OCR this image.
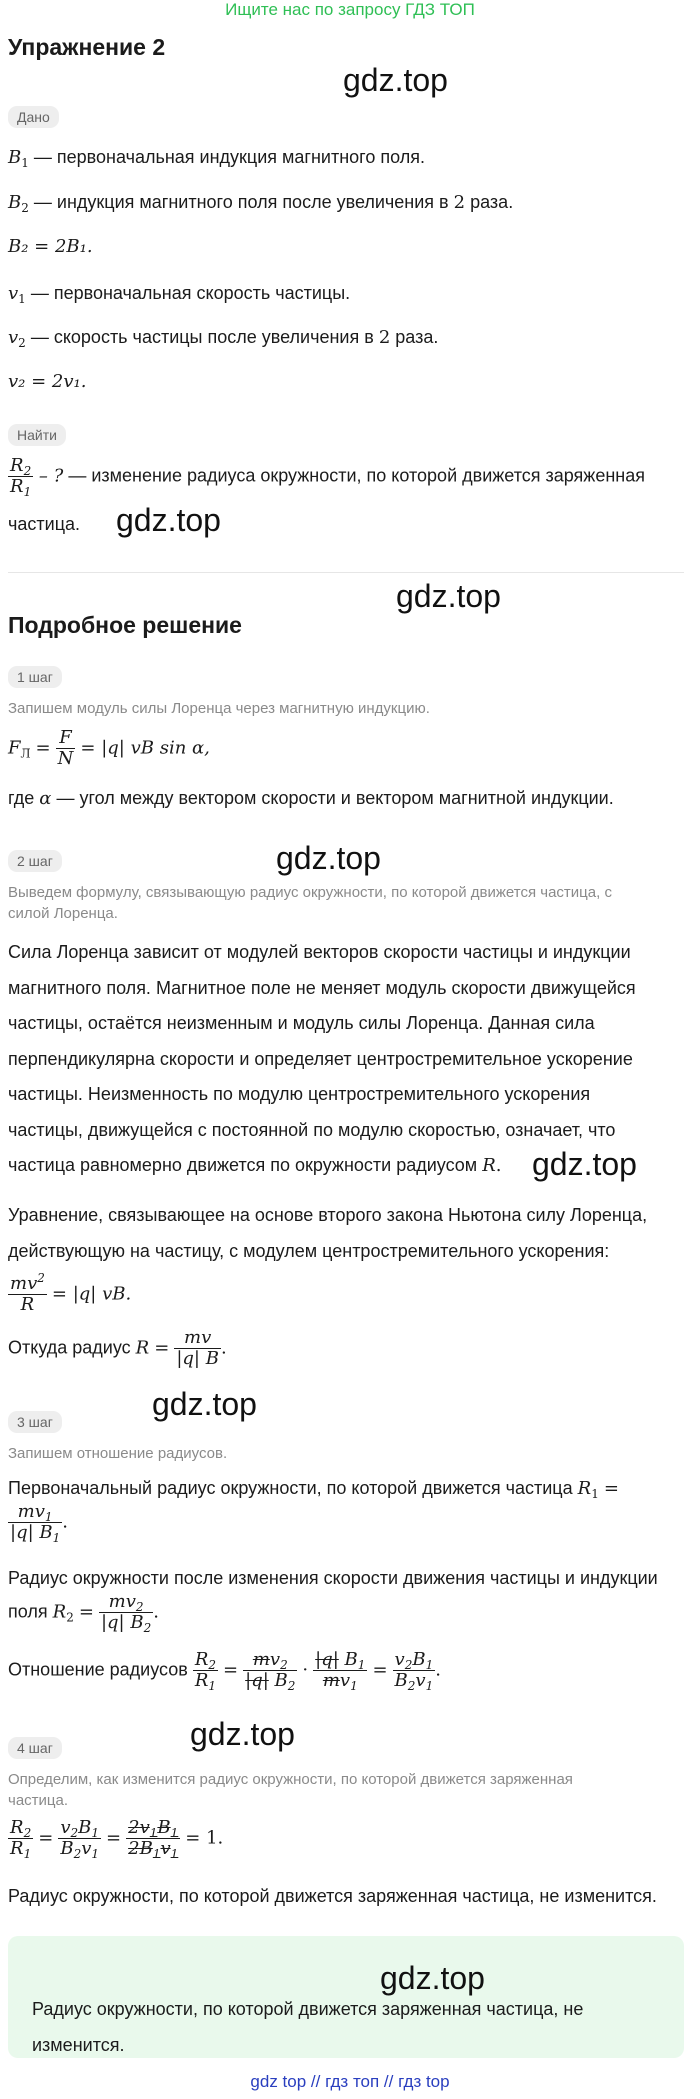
Ищите нас по запросу ГДЗ ТОП
Упражнение 2
gdz.top
Дано
$B_1$ — первоначальная индукция магнитного поля.
$B_2$ — индукция магнитного поля после увеличения в 2 раза.
B₂ = 2B₁.
$v_1$ — первоначальная скорость частицы.
$v_2$ — скорость частицы после увеличения в 2 раза.
v₂ = 2v₁.
Найти
$\frac{R_2}{R_1}$ – ? — изменение радиуса окружности, по которой движется заряженная
частица. gdz.top
gdz.top
Подробное решение
1 шаг
Запишем модуль силы Лоренца через магнитную индукцию.
$F_Л = \frac{F}{N} = |q|$ vB sin α,
где α — угол между вектором скорости и вектором магнитной индукции.
2 шаг	gdz.top
Выведем формулу, связывающую радиус окружности, по которой движется частица, с
силой Лоренца.
Сила Лоренца зависит от модулей векторов скорости частицы и индукции
магнитного поля. Магнитное поле не меняет модуль скорости движущейся
частицы, остаётся неизменным и модуль силы Лоренца. Данная сила
перпендикулярна скорости и определяет центростремительное ускорение
частицы. Неизменность по модулю центростремительного ускорения
частицы, движущейся с постоянной по модулю скоростью, означает, что
частица равномерно движется по окружности радиусом R. gdz.top
Уравнение, связывающее на основе второго закона Ньютона силу Лоренца,
действующую на частицу, с модулем центростремительного ускорения:
$\frac{mv^2}{R} = |q|$ vB.
Откуда радиус $R = \frac{mv}{|q| B}$ .
gdz.top
3 шаг
Запишем отношение радиусов.
Первоначальный радиус окружности, по которой движется частица $R_1$ =
$\frac{mv_1}{|q| B_1}$ .
Радиус окружности после изменения скорости движения частицы и индукции
поля $R_2 = \frac{mv_2}{|q| B_2}$ .
Отношение радиусов $\frac{R_2}{R_1} = \frac{mv_2}{|q| B_2} \cdot \frac{|q| B_1}{mv_1} = \frac{v_2B_1}{B_2v_1}$ .
4 шаг	gdz.top
Определим, как изменится радиус окружности, по которой движется заряженная
частица.
$\frac{R_2}{R_1} = \frac{v_2B_1}{B_2v_1} = \frac{2v_1B_1}{2B_1v_1} = 1$.
Радиус окружности, по которой движется заряженная частица, не изменится.
gdz.top
Радиус окружности, по которой движется заряженная частица, не
изменится.
gdz top // гдз топ // гдз top
